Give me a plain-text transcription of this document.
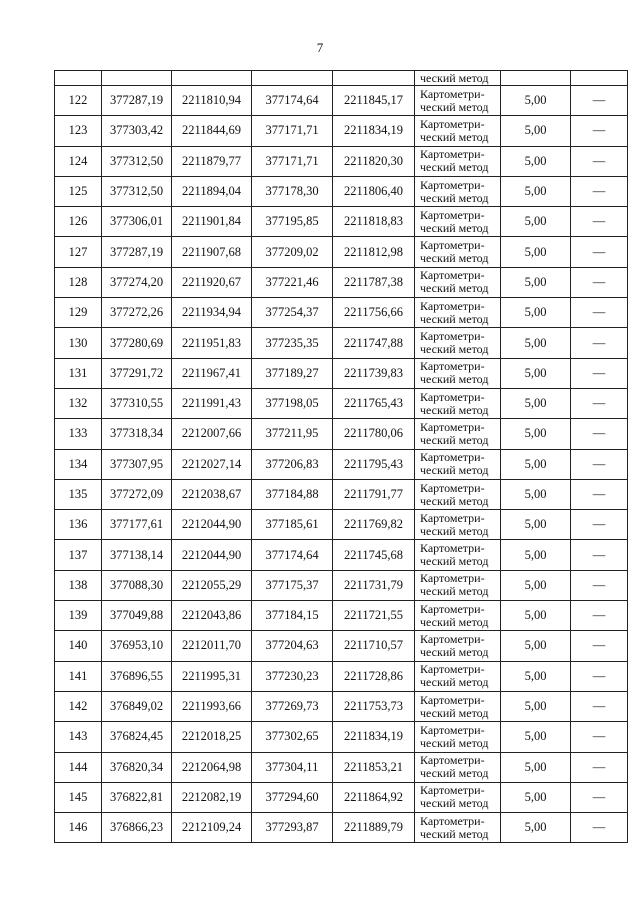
7

					ческий метод		

122	377287,19	2211810,94	377174,64	2211845,17	Картометри-
ческий метод	5,00	—
123	377303,42	2211844,69	377171,71	2211834,19	Картометри-
ческий метод	5,00	—
124	377312,50	2211879,77	377171,71	2211820,30	Картометри-
ческий метод	5,00	—
125	377312,50	2211894,04	377178,30	2211806,40	Картометри-
ческий метод	5,00	—
126	377306,01	2211901,84	377195,85	2211818,83	Картометри-
ческий метод	5,00	—
127	377287,19	2211907,68	377209,02	2211812,98	Картометри-
ческий метод	5,00	—
128	377274,20	2211920,67	377221,46	2211787,38	Картометри-
ческий метод	5,00	—
129	377272,26	2211934,94	377254,37	2211756,66	Картометри-
ческий метод	5,00	—
130	377280,69	2211951,83	377235,35	2211747,88	Картометри-
ческий метод	5,00	—
131	377291,72	2211967,41	377189,27	2211739,83	Картометри-
ческий метод	5,00	—
132	377310,55	2211991,43	377198,05	2211765,43	Картометри-
ческий метод	5,00	—
133	377318,34	2212007,66	377211,95	2211780,06	Картометри-
ческий метод	5,00	—
134	377307,95	2212027,14	377206,83	2211795,43	Картометри-
ческий метод	5,00	—
135	377272,09	2212038,67	377184,88	2211791,77	Картометри-
ческий метод	5,00	—
136	377177,61	2212044,90	377185,61	2211769,82	Картометри-
ческий метод	5,00	—
137	377138,14	2212044,90	377174,64	2211745,68	Картометри-
ческий метод	5,00	—
138	377088,30	2212055,29	377175,37	2211731,79	Картометри-
ческий метод	5,00	—
139	377049,88	2212043,86	377184,15	2211721,55	Картометри-
ческий метод	5,00	—
140	376953,10	2212011,70	377204,63	2211710,57	Картометри-
ческий метод	5,00	—
141	376896,55	2211995,31	377230,23	2211728,86	Картометри-
ческий метод	5,00	—
142	376849,02	2211993,66	377269,73	2211753,73	Картометри-
ческий метод	5,00	—
143	376824,45	2212018,25	377302,65	2211834,19	Картометри-
ческий метод	5,00	—
144	376820,34	2212064,98	377304,11	2211853,21	Картометри-
ческий метод	5,00	—
145	376822,81	2212082,19	377294,60	2211864,92	Картометри-
ческий метод	5,00	—
146	376866,23	2212109,24	377293,87	2211889,79	Картометри-
ческий метод	5,00	—
